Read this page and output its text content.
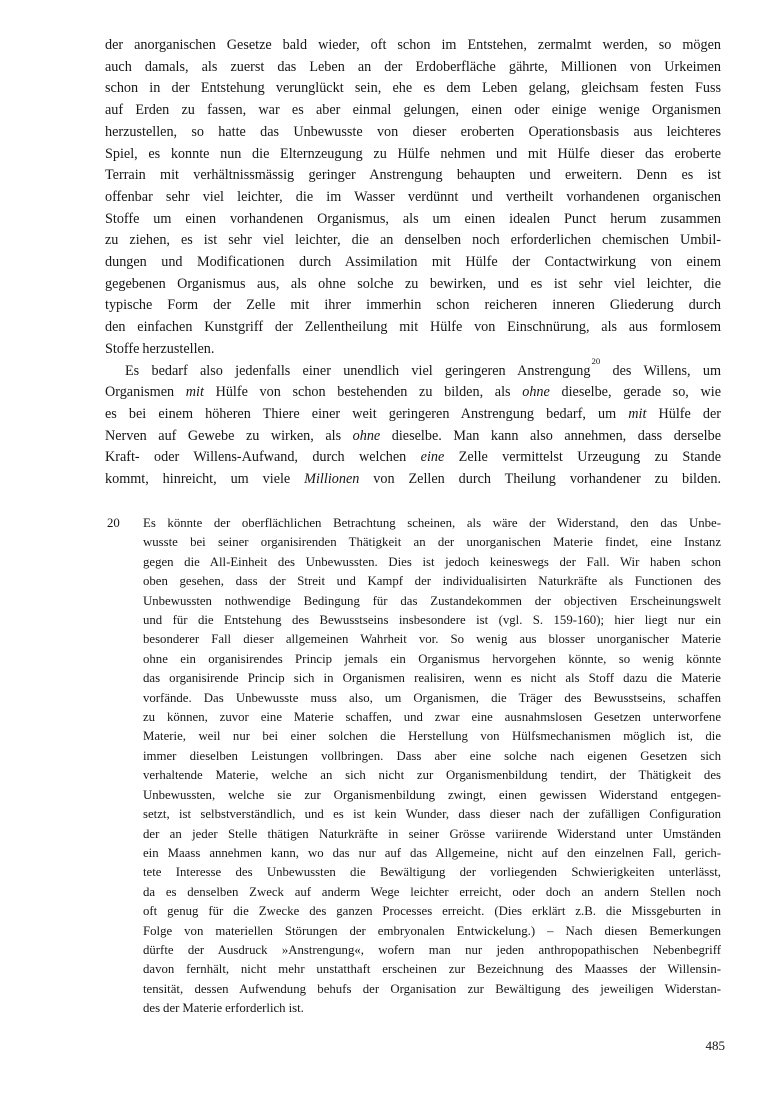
der anorganischen Gesetze bald wieder, oft schon im Entstehen, zermalmt werden, so mögen
auch damals, als zuerst das Leben an der Erdoberfläche gährte, Millionen von Urkeimen
schon in der Entstehung verunglückt sein, ehe es dem Leben gelang, gleichsam festen Fuss
auf Erden zu fassen, war es aber einmal gelungen, einen oder einige wenige Organismen
herzustellen, so hatte das Unbewusste von dieser eroberten Operationsbasis aus leichteres
Spiel, es konnte nun die Elternzeugung zu Hülfe nehmen und mit Hülfe dieser das eroberte
Terrain mit verhältnissmässig geringer Anstrengung behaupten und erweitern. Denn es ist
offenbar sehr viel leichter, die im Wasser verdünnt und vertheilt vorhandenen organischen
Stoffe um einen vorhandenen Organismus, als um einen idealen Punct herum zusammen
zu ziehen, es ist sehr viel leichter, die an denselben noch erforderlichen chemischen Umbil-
dungen und Modificationen durch Assimilation mit Hülfe der Contactwirkung von einem
gegebenen Organismus aus, als ohne solche zu bewirken, und es ist sehr viel leichter, die
typische Form der Zelle mit ihrer immerhin schon reicheren inneren Gliederung durch
den einfachen Kunstgriff der Zellentheilung mit Hülfe von Einschnürung, als aus formlosem
Stoffe herzustellen.
Es bedarf also jedenfalls einer unendlich viel geringeren Anstrengung$^{20}$ des Willens, um
Organismen mit Hülfe von schon bestehenden zu bilden, als ohne dieselbe, gerade so, wie
es bei einem höheren Thiere einer weit geringeren Anstrengung bedarf, um mit Hülfe der
Nerven auf Gewebe zu wirken, als ohne dieselbe. Man kann also annehmen, dass derselbe
Kraft- oder Willens-Aufwand, durch welchen eine Zelle vermittelst Urzeugung zu Stande
kommt, hinreicht, um viele Millionen von Zellen durch Theilung vorhandener zu bilden.
20	Es könnte der oberflächlichen Betrachtung scheinen, als wäre der Widerstand, den das Unbe-
wusste bei seiner organisirenden Thätigkeit an der unorganischen Materie findet, eine Instanz
gegen die All-Einheit des Unbewussten. Dies ist jedoch keineswegs der Fall. Wir haben schon
oben gesehen, dass der Streit und Kampf der individualisirten Naturkräfte als Functionen des
Unbewussten nothwendige Bedingung für das Zustandekommen der objectiven Erscheinungswelt
und für die Entstehung des Bewusstseins insbesondere ist (vgl. S. 159-160); hier liegt nur ein
besonderer Fall dieser allgemeinen Wahrheit vor. So wenig aus blosser unorganischer Materie
ohne ein organisirendes Princip jemals ein Organismus hervorgehen könnte, so wenig könnte
das organisirende Princip sich in Organismen realisiren, wenn es nicht als Stoff dazu die Materie
vorfände. Das Unbewusste muss also, um Organismen, die Träger des Bewusstseins, schaffen
zu können, zuvor eine Materie schaffen, und zwar eine ausnahmslosen Gesetzen unterworfene
Materie, weil nur bei einer solchen die Herstellung von Hülfsmechanismen möglich ist, die
immer dieselben Leistungen vollbringen. Dass aber eine solche nach eigenen Gesetzen sich
verhaltende Materie, welche an sich nicht zur Organismenbildung tendirt, der Thätigkeit des
Unbewussten, welche sie zur Organismenbildung zwingt, einen gewissen Widerstand entgegen-
setzt, ist selbstverständlich, und es ist kein Wunder, dass dieser nach der zufälligen Configuration
der an jeder Stelle thätigen Naturkräfte in seiner Grösse variirende Widerstand unter Umständen
ein Maass annehmen kann, wo das nur auf das Allgemeine, nicht auf den einzelnen Fall, gerich-
tete Interesse des Unbewussten die Bewältigung der vorliegenden Schwierigkeiten unterlässt,
da es denselben Zweck auf anderm Wege leichter erreicht, oder doch an andern Stellen noch
oft genug für die Zwecke des ganzen Processes erreicht. (Dies erklärt z.B. die Missgeburten in
Folge von materiellen Störungen der embryonalen Entwickelung.) – Nach diesen Bemerkungen
dürfte der Ausdruck »Anstrengung«, wofern man nur jeden anthropopathischen Nebenbegriff
davon fernhält, nicht mehr unstatthaft erscheinen zur Bezeichnung des Maasses der Willensin-
tensität, dessen Aufwendung behufs der Organisation zur Bewältigung des jeweiligen Widerstan-
des der Materie erforderlich ist.
485
